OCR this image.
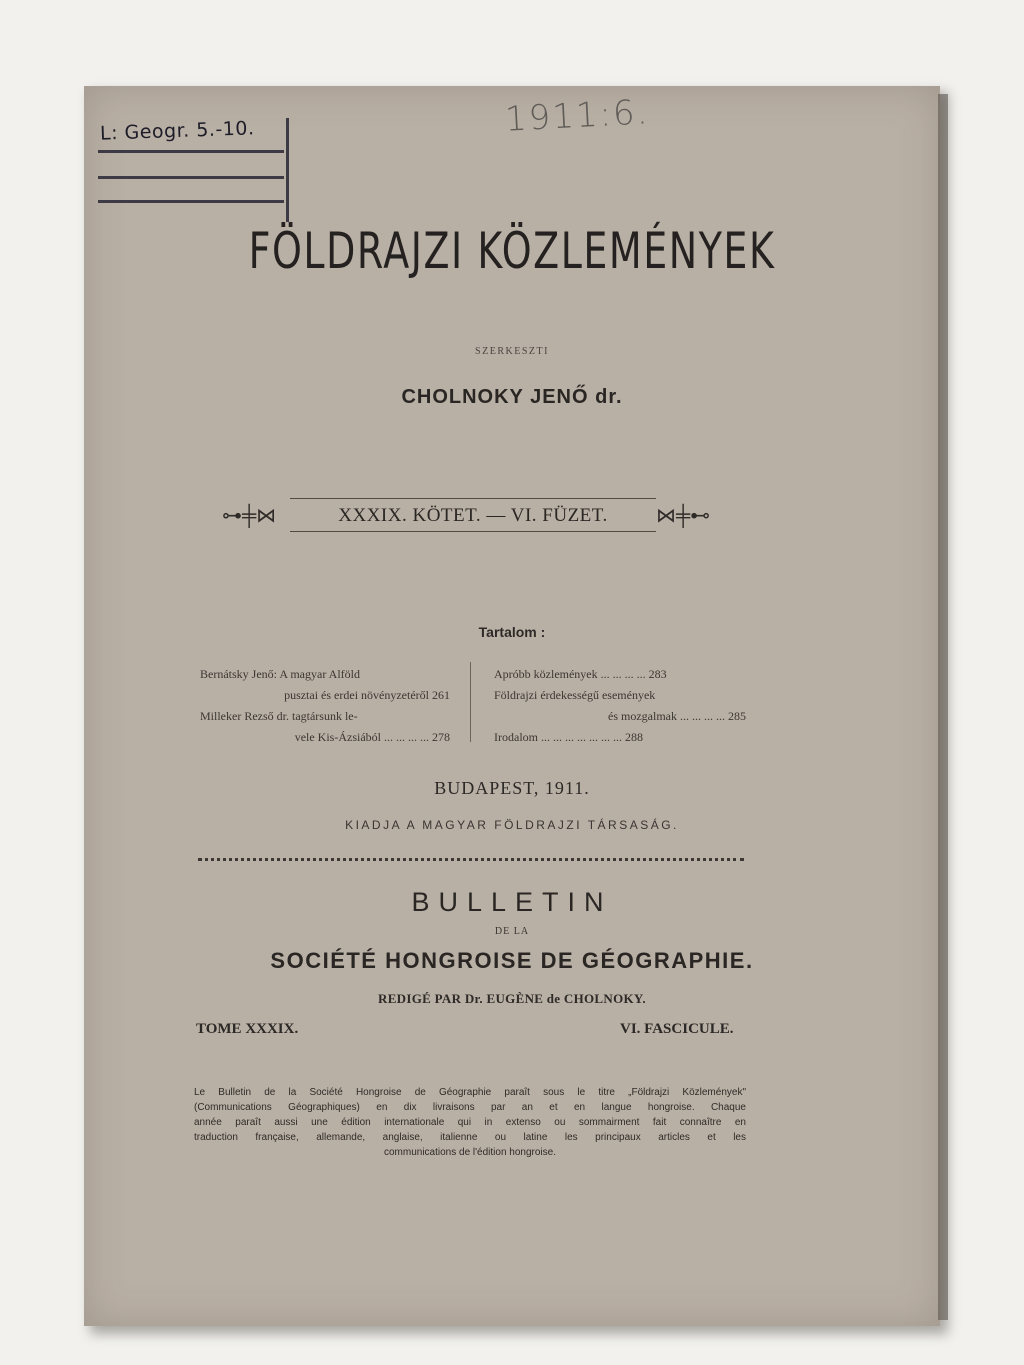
L: Geogr. 5.-10.	1911:6.
FÖLDRAJZI KÖZLEMÉNYEK
SZERKESZTI
CHOLNOKY JENŐ dr.
⊶╪⋈	XXXIX. KÖTET. — VI. FÜZET.	⋈╪⊷
Tartalom :
Bernátsky Jenő: A magyar Alföld
pusztai és erdei növényzetéről 261
Milleker Rezső dr. tagtársunk le-
vele Kis-Ázsiából ... ... ... ... 278
Apróbb közlemények ... ... ... ... 283
Földrajzi érdekességű események
és mozgalmak ... ... ... ... 285
Irodalom ... ... ... ... ... ... ... 288
BUDAPEST, 1911.
KIADJA A MAGYAR FÖLDRAJZI TÁRSASÁG.
BULLETIN
DE LA
SOCIÉTÉ HONGROISE DE GÉOGRAPHIE.
REDIGÉ PAR Dr. EUGÈNE de CHOLNOKY.
TOME XXXIX.	VI. FASCICULE.
Le Bulletin de la Société Hongroise de Géographie paraît sous le titre „Földrajzi Közlemények"
(Communications Géographiques) en dix livraisons par an et en langue hongroise. Chaque
année paraît aussi une édition internationale qui in extenso ou sommairment fait connaître en
traduction française, allemande, anglaise, italienne ou latine les principaux articles et les
communications de l'édition hongroise.
